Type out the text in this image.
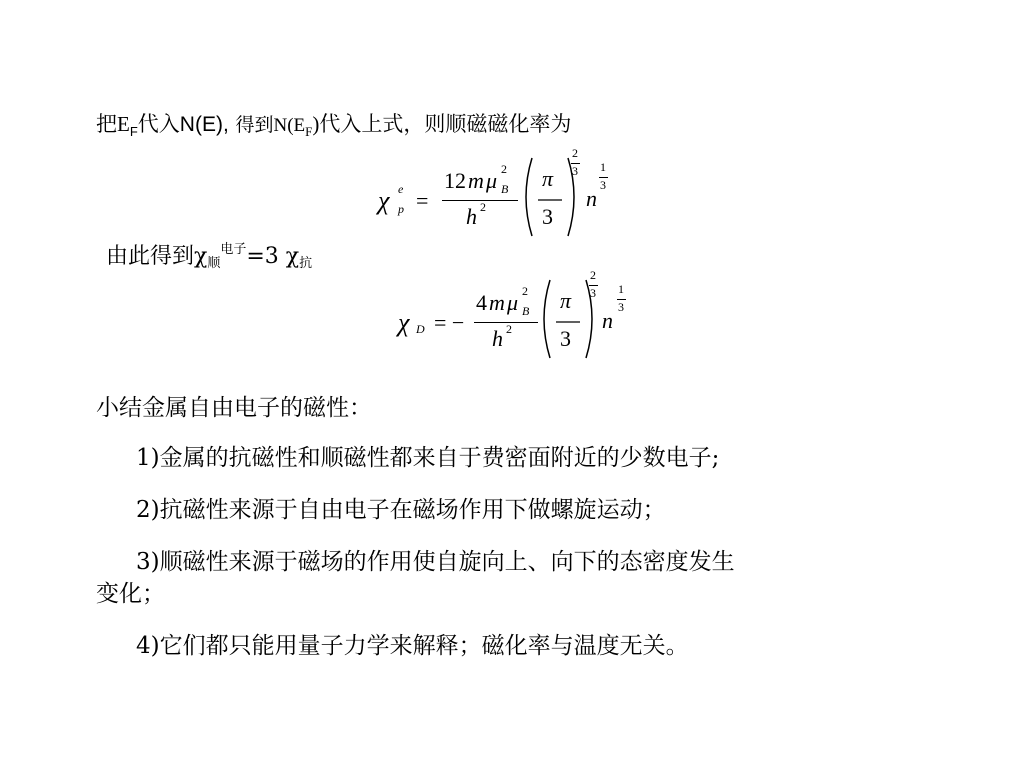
把$E_F$代入N(E), 得到$N(E_F)$代入上式，则顺磁磁化率为
χ e
p =
12 m μ 2
B
h 2
π
3
2
3
n
1
3
由此得到χ顺$^{电子}$=3 χ抗
χ D = −
4 m μ 2
B
h 2
π
3
2
3
n
1
3
小结金属自由电子的磁性：
1)金属的抗磁性和顺磁性都来自于费密面附近的少数电子;
2)抗磁性来源于自由电子在磁场作用下做螺旋运动；
3)顺磁性来源于磁场的作用使自旋向上、向下的态密度发生
变化；
4)它们都只能用量子力学来解释；磁化率与温度无关。
